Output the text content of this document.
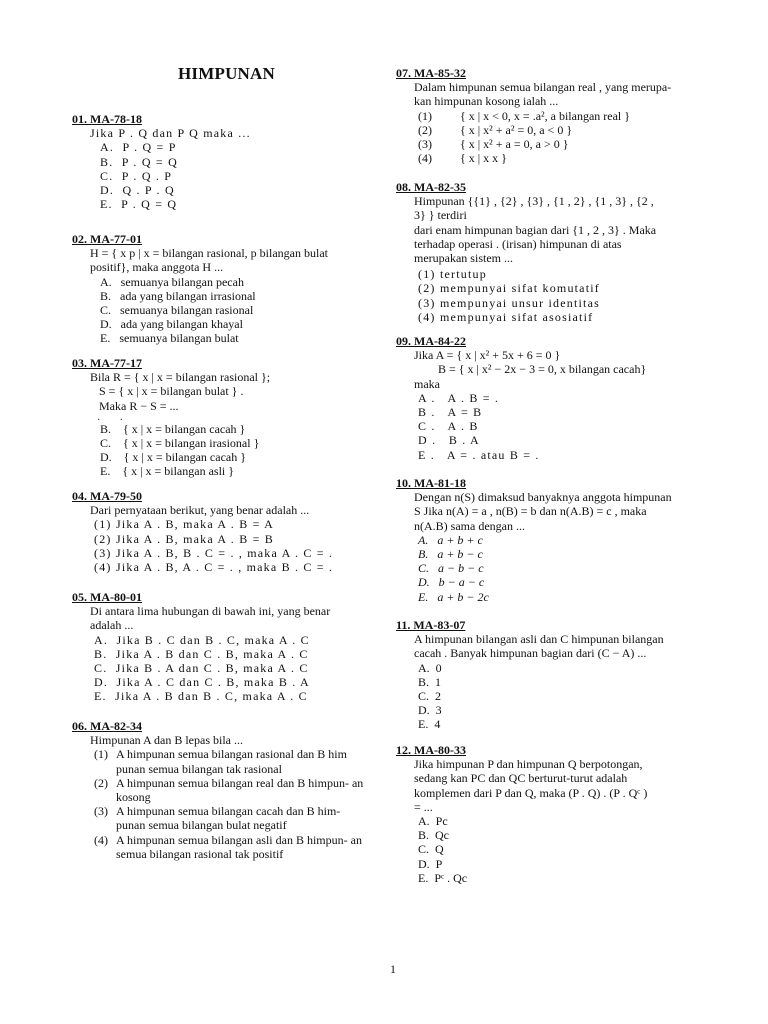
HIMPUNAN
01. MA-78-18
Jika P . Q dan P Q maka ...
A.  P . Q = P
B.  P . Q = Q
C.  P . Q . P
D.  Q . P . Q
E.  P . Q = Q
02. MA-77-01
H = { x p | x = bilangan rasional, p bilangan bulat
positif}, maka anggota H ...
A.   semuanya bilangan pecah
B.   ada yang bilangan irrasional
C.   semuanya bilangan rasional
D.   ada yang bilangan khayal
E.   semuanya bilangan bulat
03. MA-77-17
Bila R = { x | x = bilangan rasional };
S = { x | x = bilangan bulat } .
Maka R − S = ...
.        .
B.    { x | x = bilangan cacah }
C.    { x | x = bilangan irasional }
D.    { x | x = bilangan cacah }
E.    { x | x = bilangan asli }
04. MA-79-50
Dari pernyataan berikut, yang benar adalah ...
(1) Jika A . B, maka A . B = A
(2) Jika A . B, maka A . B = B
(3) Jika A . B, B . C = . , maka A . C = .
(4) Jika A . B, A . C = . , maka B . C = .
05. MA-80-01
Di antara lima hubungan di bawah ini, yang benar
adalah ...
A.  Jika B . C dan B . C, maka A . C
B.  Jika A . B dan C . B, maka A . C
C.  Jika B . A dan C . B, maka A . C
D.  Jika A . C dan C . B, maka B . A
E.  Jika A . B dan B . C, maka A . C
06. MA-82-34
Himpunan A dan B lepas bila ...
(1) A himpunan semua bilangan rasional dan B him punan semua bilangan tak rasional
(2) A himpunan semua bilangan real dan B himpun- an kosong
(3) A himpunan semua bilangan cacah dan B him- punan semua bilangan bulat negatif
(4) A himpunan semua bilangan asli dan B himpun- an semua bilangan rasional tak positif
07. MA-85-32
Dalam himpunan semua bilangan real , yang merupa-
kan himpunan kosong ialah ...
(1) { x | x < 0, x = .a², a bilangan real }
(2) { x | x² + a² = 0, a < 0 }
(3) { x | x² + a = 0, a > 0 }
(4) { x | x x }
08. MA-82-35
Himpunan {{1} , {2} , {3} , {1 , 2} , {1 , 3} , {2 ,
3} } terdiri
dari enam himpunan bagian dari {1 , 2 , 3} . Maka
terhadap operasi . (irisan) himpunan di atas
merupakan sistem ...
(1) tertutup
(2) mempunyai sifat komutatif
(3) mempunyai unsur identitas
(4) mempunyai sifat asosiatif
09. MA-84-22
Jika A = { x | x² + 5x + 6 = 0 }
B = { x | x² − 2x − 3 = 0, x bilangan cacah}
maka
A .   A . B = .
B .   A = B
C .   A . B
D .   B . A
E .   A = . atau B = .
10. MA-81-18
Dengan n(S) dimaksud banyaknya anggota himpunan
S Jika n(A) = a , n(B) = b dan n(A.B) = c , maka
n(A.B) sama dengan ...
A.   a + b + c
B.   a + b − c
C.   a − b − c
D.   b − a − c
E.   a + b − 2c
11. MA-83-07
A himpunan bilangan asli dan C himpunan bilangan
cacah . Banyak himpunan bagian dari (C − A) ...
A.  0
B.  1
C.  2
D.  3
E.  4
12. MA-80-33
Jika himpunan P dan himpunan Q berpotongan,
sedang kan PC dan QC berturut-turut adalah
komplemen dari P dan Q, maka (P . Q) . (P . Qᶜ )
= ...
A.  Pc
B.  Qc
C.  Q
D.  P
E.  Pᶜ . Qc
1
